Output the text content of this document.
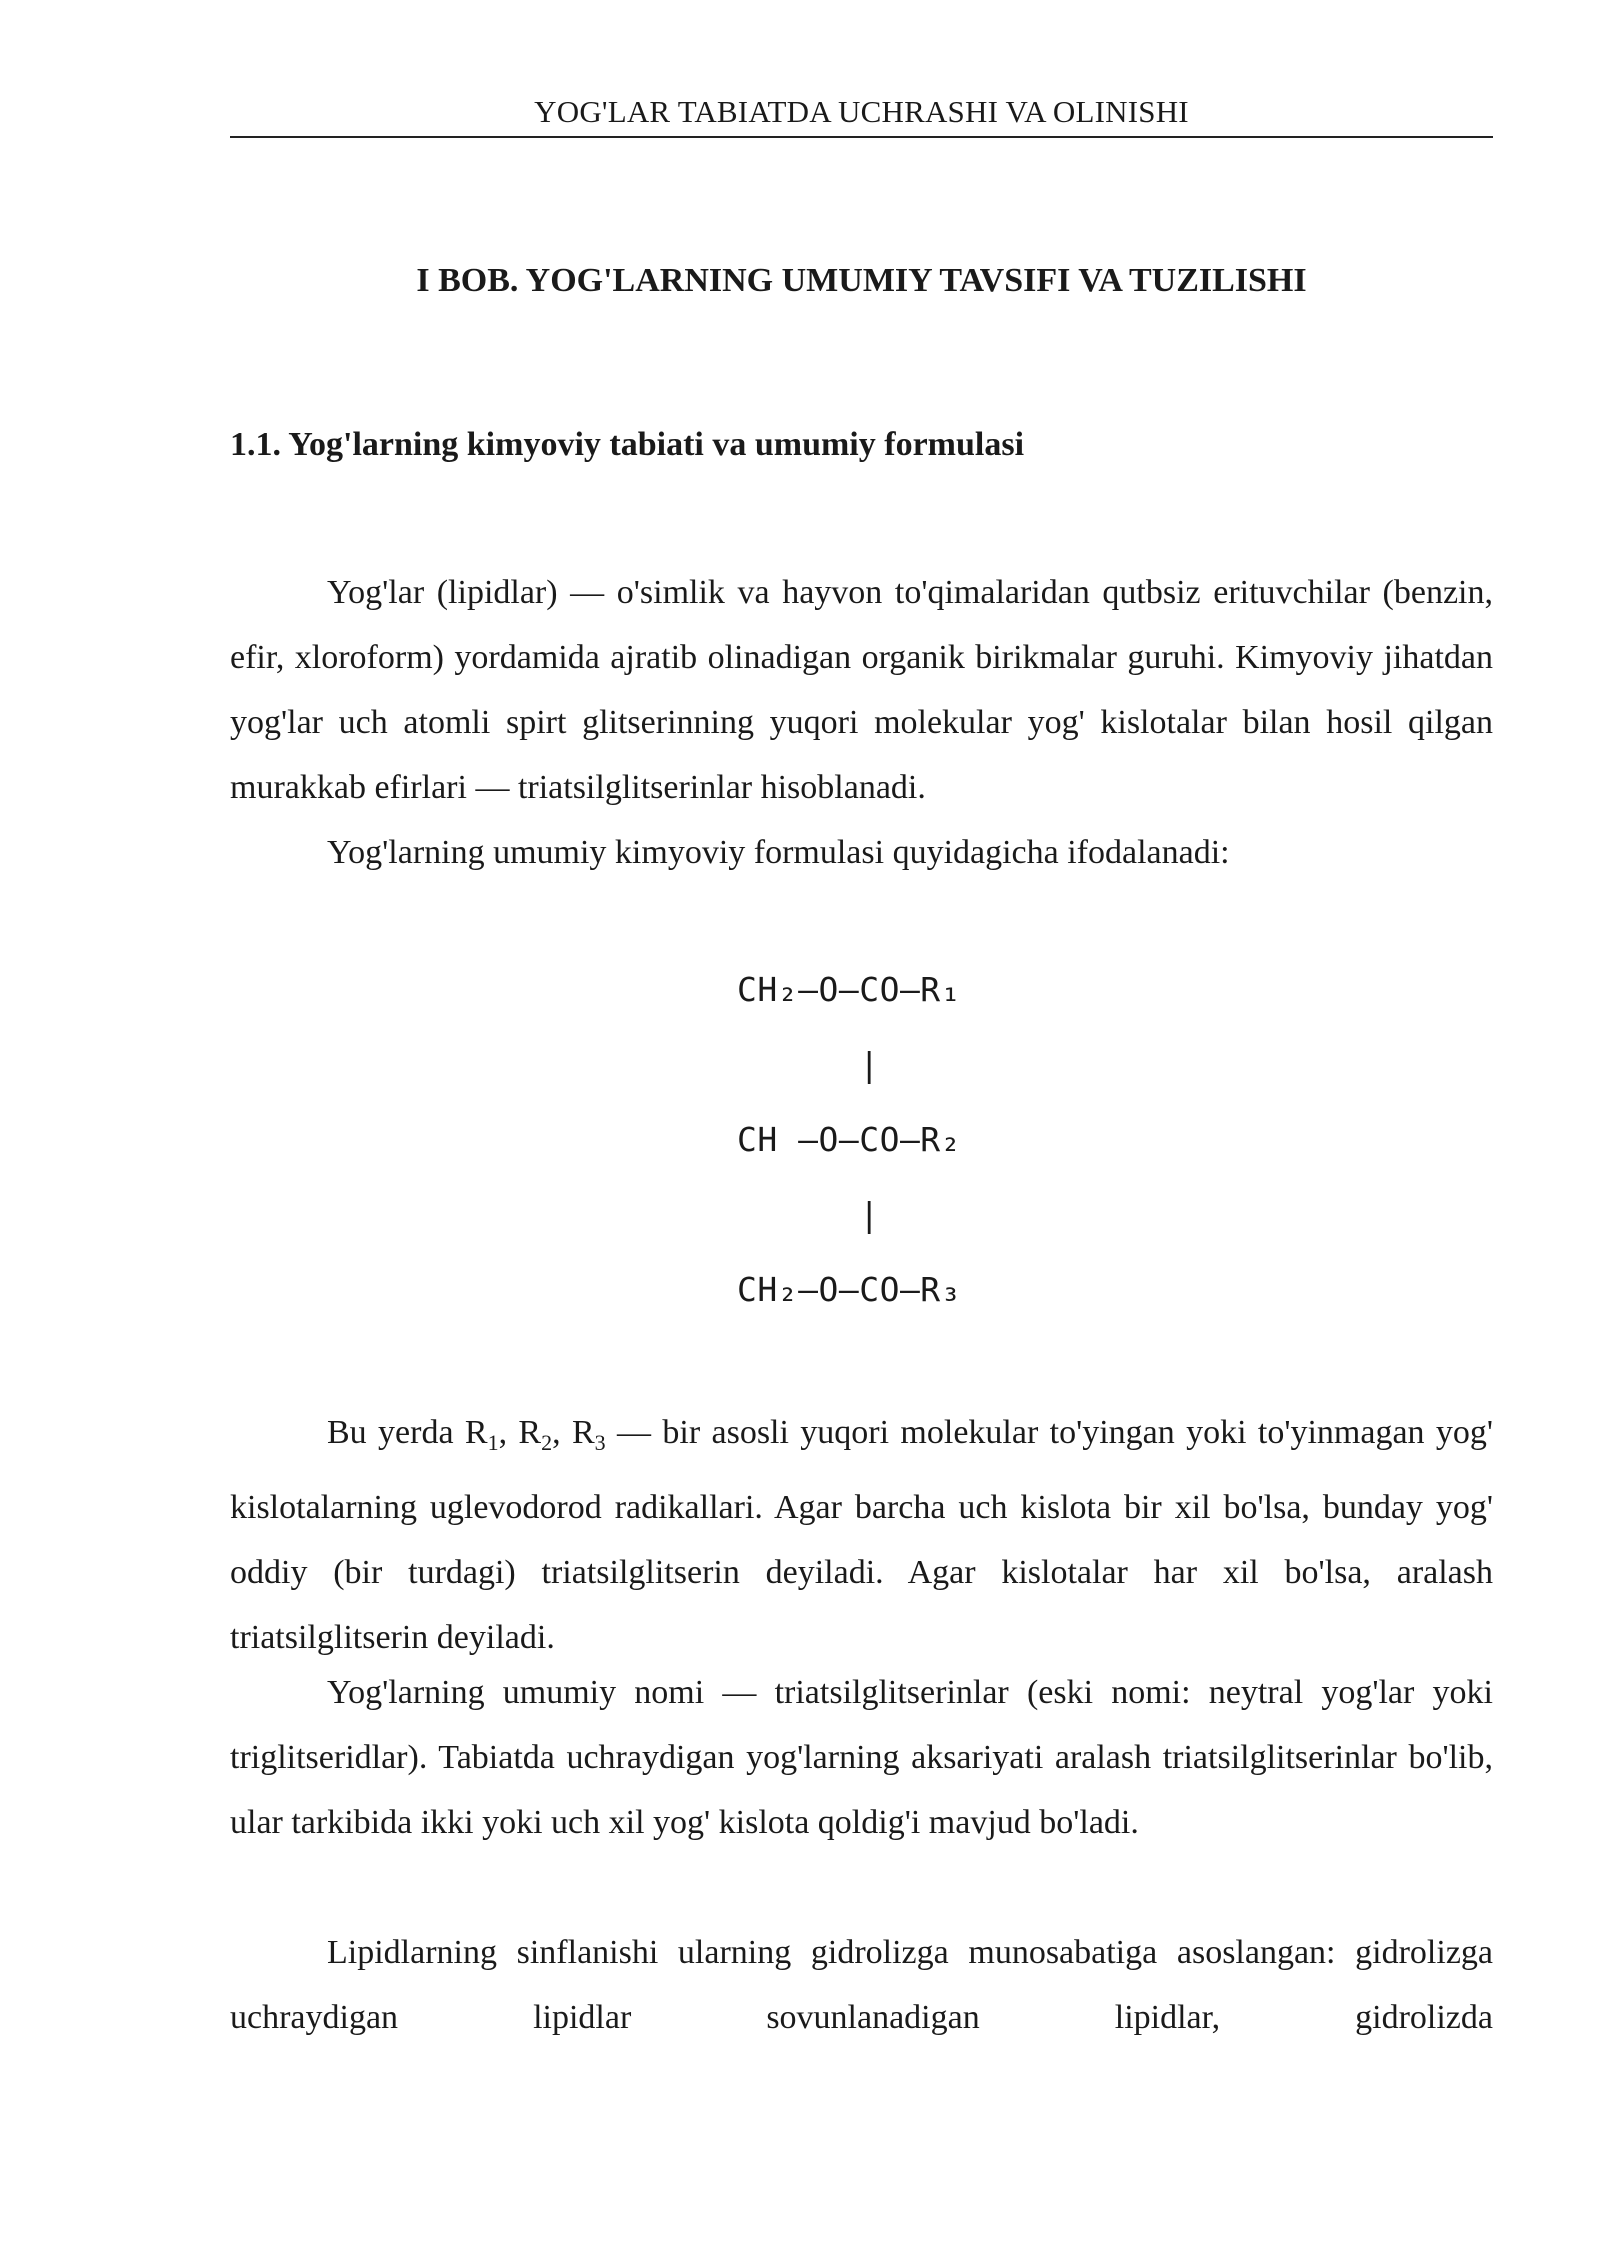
YOG'LAR TABIATDA UCHRASHI VA OLINISHI
I BOB. YOG'LARNING UMUMIY TAVSIFI VA TUZILISHI
1.1. Yog'larning kimyoviy tabiati va umumiy formulasi

Yog'lar (lipidlar) — o'simlik va hayvon to'qimalaridan qutbsiz erituvchilar (benzin, efir, xloroform) yordamida ajratib olinadigan organik birikmalar guruhi. Kimyoviy jihatdan yog'lar uch atomli spirt glitserinning yuqori molekular yog' kislotalar bilan hosil qilgan murakkab efirlari — triatsilglitserinlar hisoblanadi.

Yog'larning umumiy kimyoviy formulasi quyidagicha ifodalanadi:

CH₂–O–CO–R₁
|
CH –O–CO–R₂
|
CH₂–O–CO–R₃

Bu yerda $R_1$, $R_2$, $R_3$ — bir asosli yuqori molekular to'yingan yoki to'yinmagan yog' kislotalarning uglevodorod radikallari. Agar barcha uch kislota bir xil bo'lsa, bunday yog' oddiy (bir turdagi) triatsilglitserin deyiladi. Agar kislotalar har xil bo'lsa, aralash triatsilglitserin deyiladi.

Yog'larning umumiy nomi — triatsilglitserinlar (eski nomi: neytral yog'lar yoki triglitseridlar). Tabiatda uchraydigan yog'larning aksariyati aralash triatsilglitserinlar bo'lib, ular tarkibida ikki yoki uch xil yog' kislota qoldig'i mavjud bo'ladi.

Lipidlarning sinflanishi ularning gidrolizga munosabatiga asoslangan: gidrolizga uchraydigan lipidlar sovunlanadigan lipidlar, gidrolizda
